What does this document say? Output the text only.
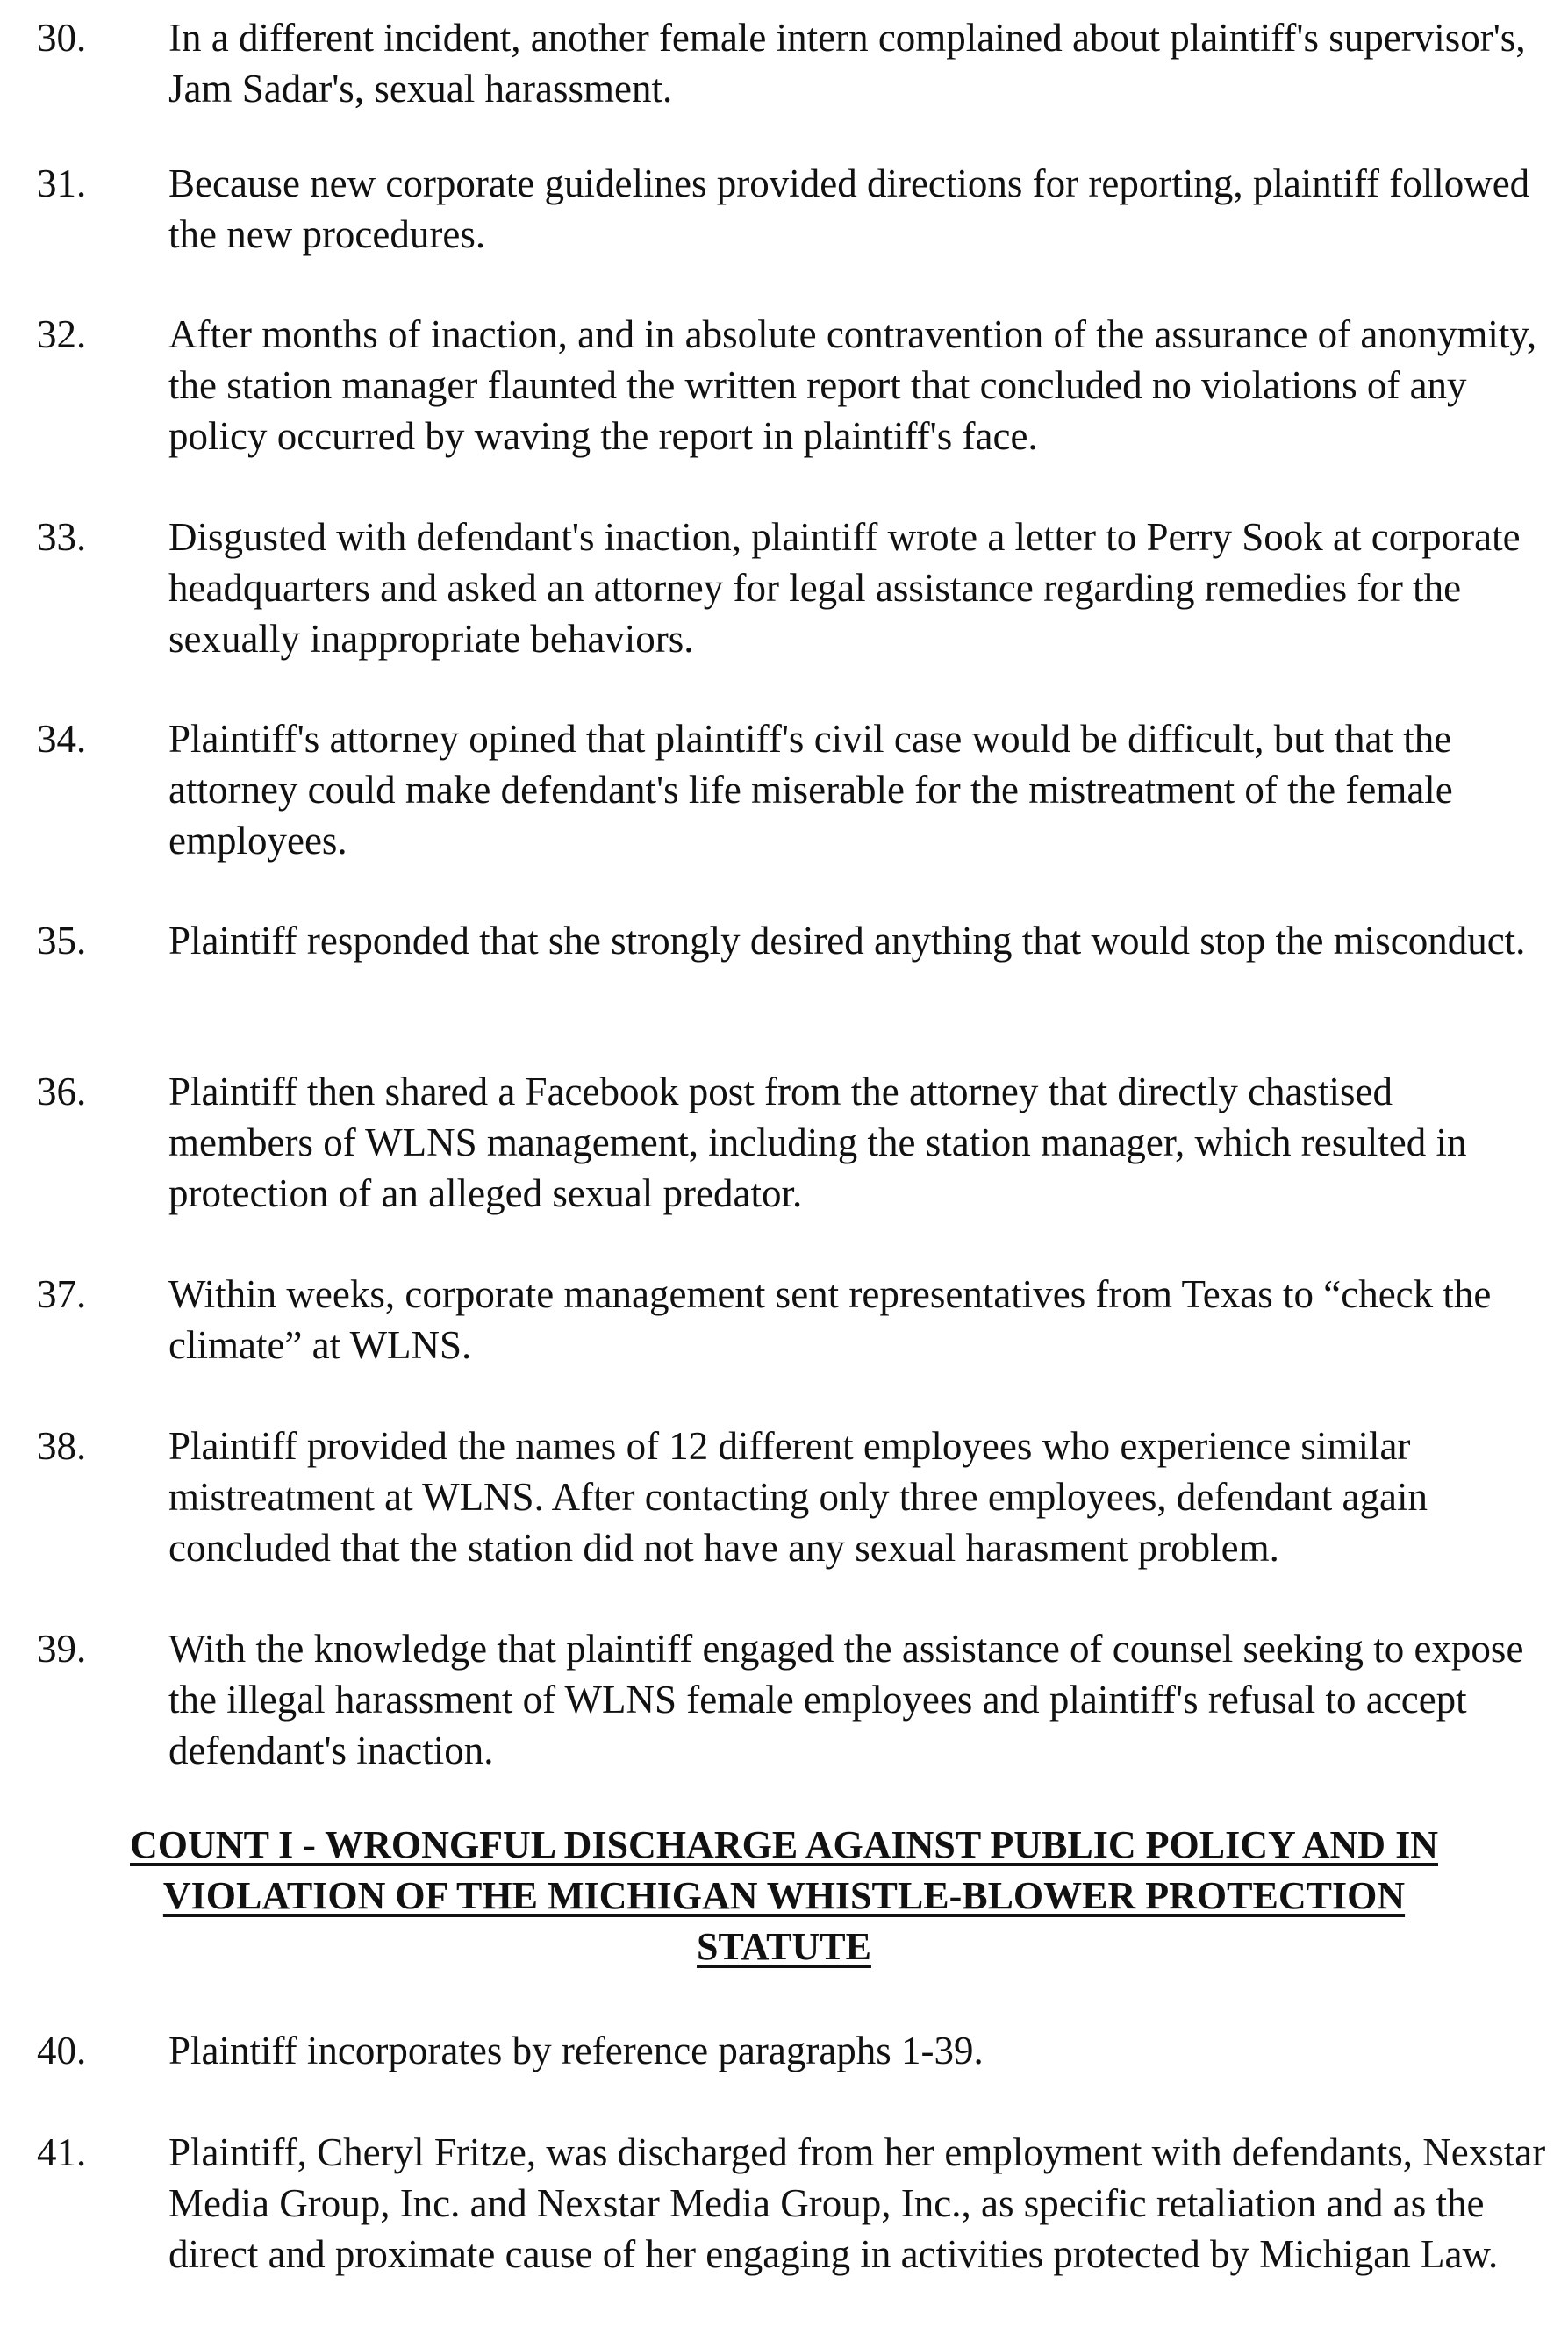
30. In a different incident, another female intern complained about plaintiff's supervisor's, Jam Sadar's, sexual harassment.
31. Because new corporate guidelines provided directions for reporting, plaintiff followed the new procedures.
32. After months of inaction, and in absolute contravention of the assurance of anonymity, the station manager flaunted the written report that concluded no violations of any policy occurred by waving the report in plaintiff's face.
33. Disgusted with defendant's inaction, plaintiff wrote a letter to Perry Sook at corporate headquarters and asked an attorney for legal assistance regarding remedies for the sexually inappropriate behaviors.
34. Plaintiff's attorney opined that plaintiff's civil case would be difficult, but that the attorney could make defendant's life miserable for the mistreatment of the female employees.
35. Plaintiff responded that she strongly desired anything that would stop the misconduct.
36. Plaintiff then shared a Facebook post from the attorney that directly chastised members of WLNS management, including the station manager, which resulted in protection of an alleged sexual predator.
37. Within weeks, corporate management sent representatives from Texas to “check the climate” at WLNS.
38. Plaintiff provided the names of 12 different employees who experience similar mistreatment at WLNS. After contacting only three employees, defendant again concluded that the station did not have any sexual harasment problem.
39. With the knowledge that plaintiff engaged the assistance of counsel seeking to expose the illegal harassment of WLNS female employees and plaintiff's refusal to accept defendant's inaction.
COUNT I - WRONGFUL DISCHARGE AGAINST PUBLIC POLICY AND IN
VIOLATION OF THE MICHIGAN WHISTLE-BLOWER PROTECTION
STATUTE
40. Plaintiff incorporates by reference paragraphs 1-39.
41. Plaintiff, Cheryl Fritze, was discharged from her employment with defendants, Nexstar Media Group, Inc. and Nexstar Media Group, Inc., as specific retaliation and as the direct and proximate cause of her engaging in activities protected by Michigan Law.
